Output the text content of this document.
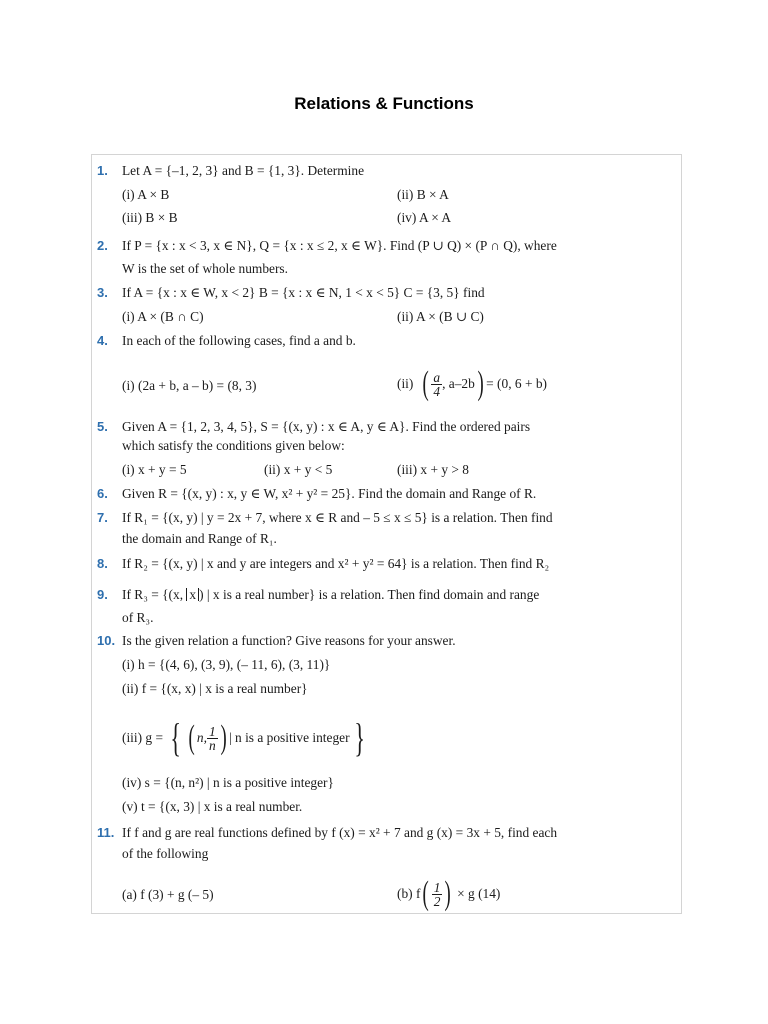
Relations & Functions
1. Let A = {–1, 2, 3} and B = {1, 3}. Determine
(i) A × B	(ii) B × A
(iii) B × B	(iv) A × A
2. If P = {x : x < 3, x ∈ N}, Q = {x : x ≤ 2, x ∈ W}. Find (P ∪ Q) × (P ∩ Q), where
W is the set of whole numbers.
3. If A = {x : x ∈ W, x < 2} B = {x : x ∈ N, 1 < x < 5} C = {3, 5} find
(i) A × (B ∩ C)	(ii) A × (B ∪ C)
4. In each of the following cases, find a and b.
(i) (2a + b, a – b) = (8, 3)	(ii)
( $\frac{a}{4}$ , a–2b ) = (0, 6 + b)
5. Given A = {1, 2, 3, 4, 5}, S = {(x, y) : x ∈ A, y ∈ A}. Find the ordered pairs
which satisfy the conditions given below:
(i) x + y = 5	(ii) x + y < 5	(iii) x + y > 8
6. Given R = {(x, y) : x, y ∈ W, x² + y² = 25}. Find the domain and Range of R.
7. If R₁ = {(x, y) | y = 2x + 7, where x ∈ R and – 5 ≤ x ≤ 5} is a relation. Then find
the domain and Range of R₁.
8. If R₂ = {(x, y) | x and y are integers and x² + y² = 64} is a relation. Then find R₂
9. If R₃ = {(x, x ) | x is a real number} is a relation. Then find domain and range
of R₃.
10. Is the given relation a function? Give reasons for your answer.
(i) h = {(4, 6), (3, 9), (– 11, 6), (3, 11)}
(ii) f = {(x, x) | x is a real number}
(iii) g =
{ ( n, $\frac{1}{n}$ ) | n is a positive integer }
(iv) s = {(n, n²) | n is a positive integer}
(v) t = {(x, 3) | x is a real number.
11. If f and g are real functions defined by f (x) = x² + 7 and g (x) = 3x + 5, find each
of the following
(a) f (3) + g (– 5)	(b) f ( $\frac{1}{2}$ )
× g (14)
